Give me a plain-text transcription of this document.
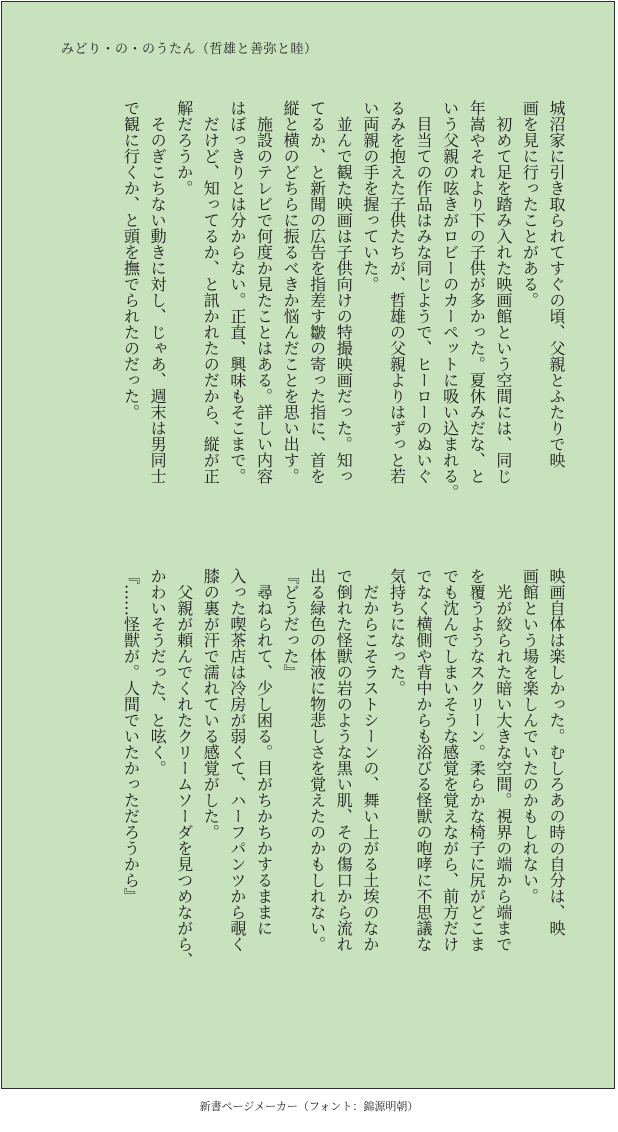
みどり・の・のうたん（哲雄と善弥と睦）
城沼家に引き取られてすぐの頃、父親とふたりで映
画を見に行ったことがある。
　初めて足を踏み入れた映画館という空間には、同じ
年嵩やそれより下の子供が多かった。夏休みだな、と
いう父親の呟きがロビーのカーペットに吸い込まれる。
　目当ての作品はみな同じようで、ヒーローのぬいぐ
るみを抱えた子供たちが、哲雄の父親よりはずっと若
い両親の手を握っていた。
　並んで観た映画は子供向けの特撮映画だった。知っ
てるか、と新聞の広告を指差す皺の寄った指に、首を
縦と横のどちらに振るべきか悩んだことを思い出す。
　施設のテレビで何度か見たことはある。詳しい内容
はぼっきりとは分からない。正直、興味もそこまで。
　だけど、知ってるか、と訊かれたのだから、縦が正
解だろうか。
　そのぎこちない動きに対し、じゃあ、週末は男同士
で観に行くか、と頭を撫でられたのだった。
映画自体は楽しかった。むしろあの時の自分は、映
画館という場を楽しんでいたのかもしれない。
　光が絞られた暗い大きな空間。視界の端から端まで
を覆うようなスクリーン。柔らかな椅子に尻がどこま
でも沈んでしまいそうな感覚を覚えながら、前方だけ
でなく横側や背中からも浴びる怪獣の咆哮に不思議な
気持ちになった。
　だからこそラストシーンの、舞い上がる土埃のなか
で倒れた怪獣の岩のような黒い肌、その傷口から流れ
出る緑色の体液に物悲しさを覚えたのかもしれない。
『どうだった』
　尋ねられて、少し困る。目がちかちかするままに
入った喫茶店は冷房が弱くて、ハーフパンツから覗く
膝の裏が汗で濡れている感覚がした。
　父親が頼んでくれたクリームソーダを見つめながら、
かわいそうだった、と呟く。
『……怪獣が。人間でいたかっただろうから』
新書ページメーカー（フォント：錦源明朝）
